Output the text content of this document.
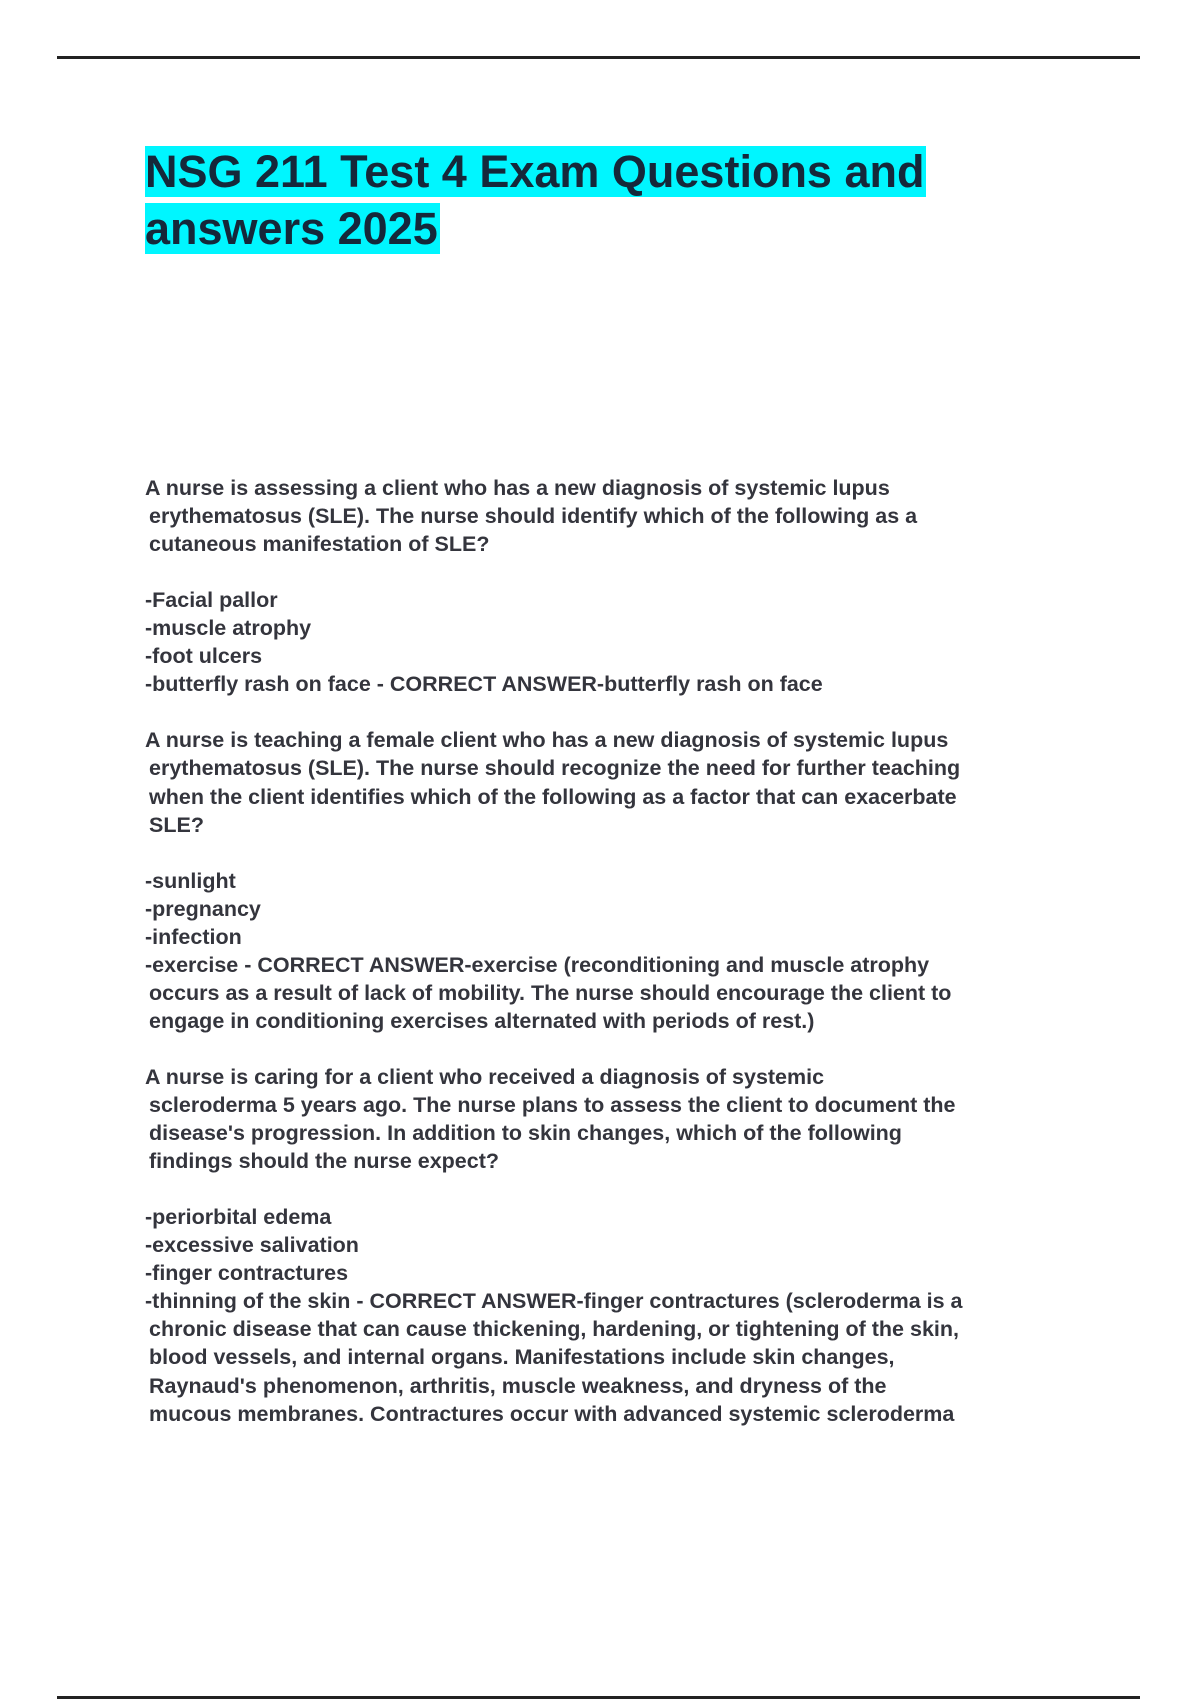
NSG 211 Test 4 Exam Questions and answers 2025
A nurse is assessing a client who has a new diagnosis of systemic lupus
erythematosus (SLE). The nurse should identify which of the following as a
cutaneous manifestation of SLE?
-Facial pallor
-muscle atrophy
-foot ulcers
-butterfly rash on face - CORRECT ANSWER-butterfly rash on face
A nurse is teaching a female client who has a new diagnosis of systemic lupus
erythematosus (SLE). The nurse should recognize the need for further teaching
when the client identifies which of the following as a factor that can exacerbate
SLE?
-sunlight
-pregnancy
-infection
-exercise - CORRECT ANSWER-exercise (reconditioning and muscle atrophy
occurs as a result of lack of mobility. The nurse should encourage the client to
engage in conditioning exercises alternated with periods of rest.)
A nurse is caring for a client who received a diagnosis of systemic
scleroderma 5 years ago. The nurse plans to assess the client to document the
disease's progression. In addition to skin changes, which of the following
findings should the nurse expect?
-periorbital edema
-excessive salivation
-finger contractures
-thinning of the skin - CORRECT ANSWER-finger contractures (scleroderma is a
chronic disease that can cause thickening, hardening, or tightening of the skin,
blood vessels, and internal organs. Manifestations include skin changes,
Raynaud's phenomenon, arthritis, muscle weakness, and dryness of the
mucous membranes. Contractures occur with advanced systemic scleroderma
